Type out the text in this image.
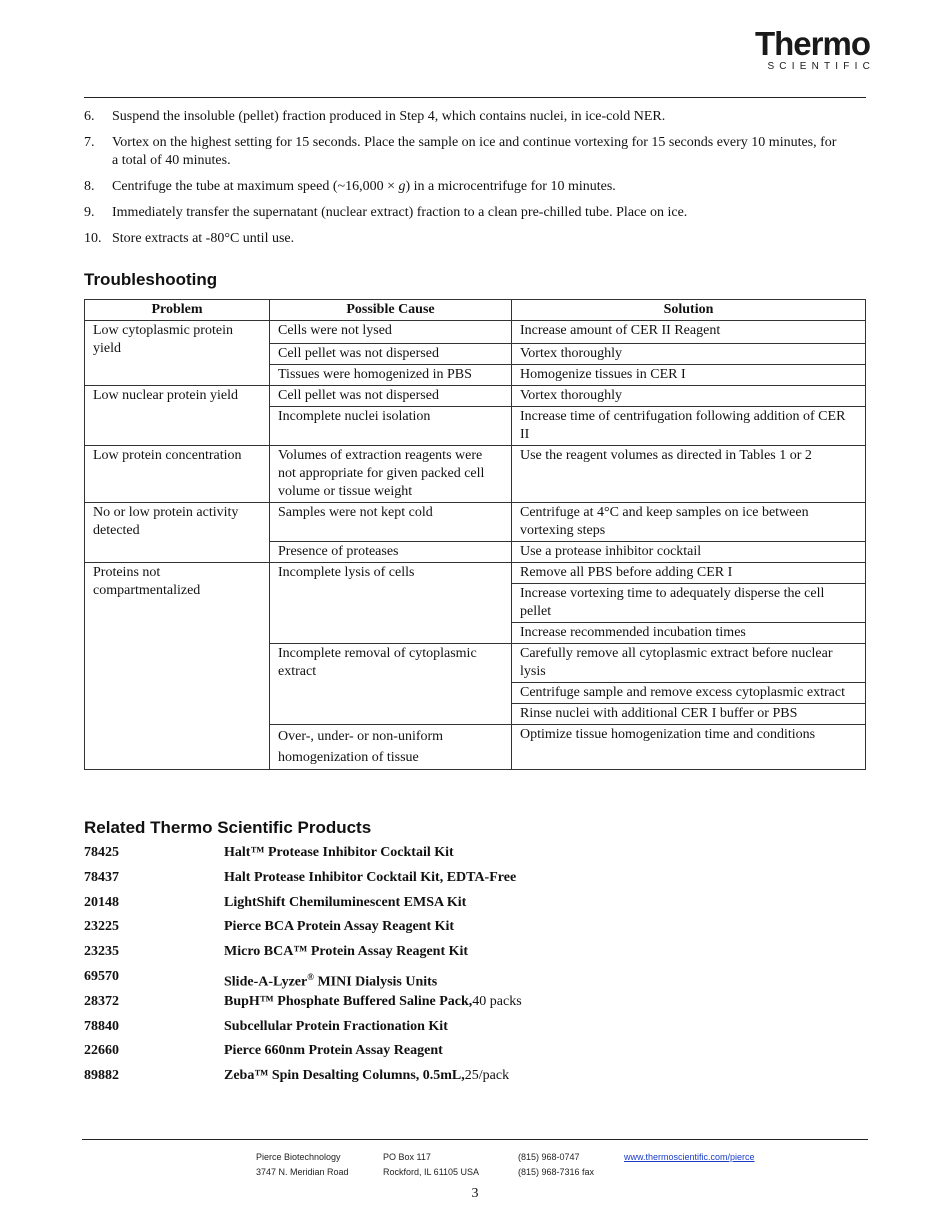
Thermo
SCIENTIFIC
6. Suspend the insoluble (pellet) fraction produced in Step 4, which contains nuclei, in ice-cold NER.
7. Vortex on the highest setting for 15 seconds. Place the sample on ice and continue vortexing for 15 seconds every 10 minutes, for a total of 40 minutes.
8. Centrifuge the tube at maximum speed (~16,000 × g) in a microcentrifuge for 10 minutes.
9. Immediately transfer the supernatant (nuclear extract) fraction to a clean pre-chilled tube. Place on ice.
10. Store extracts at -80°C until use.
Troubleshooting
Problem	Possible Cause	Solution
Low cytoplasmic protein yield	Cells were not lysed	Increase amount of CER II Reagent
	Cell pellet was not dispersed	Vortex thoroughly
	Tissues were homogenized in PBS	Homogenize tissues in CER I
Low nuclear protein yield	Cell pellet was not dispersed	Vortex thoroughly
	Incomplete nuclei isolation	Increase time of centrifugation following addition of CER II
Low protein concentration	Volumes of extraction reagents were not appropriate for given packed cell volume or tissue weight	Use the reagent volumes as directed in Tables 1 or 2
No or low protein activity detected	Samples were not kept cold	Centrifuge at 4°C and keep samples on ice between vortexing steps
	Presence of proteases	Use a protease inhibitor cocktail
Proteins not compartmentalized	Incomplete lysis of cells	Remove all PBS before adding CER I
		Increase vortexing time to adequately disperse the cell pellet
		Increase recommended incubation times
	Incomplete removal of cytoplasmic extract	Carefully remove all cytoplasmic extract before nuclear lysis
		Centrifuge sample and remove excess cytoplasmic extract
		Rinse nuclei with additional CER I buffer or PBS
	Over-, under- or non-uniform homogenization of tissue	Optimize tissue homogenization time and conditions
Related Thermo Scientific Products
78425	Halt™ Protease Inhibitor Cocktail Kit
78437	Halt Protease Inhibitor Cocktail Kit, EDTA-Free
20148	LightShift Chemiluminescent EMSA Kit
23225	Pierce BCA Protein Assay Reagent Kit
23235	Micro BCA™ Protein Assay Reagent Kit
69570	Slide-A-Lyzer® MINI Dialysis Units
28372	BupH™ Phosphate Buffered Saline Pack, 40 packs
78840	Subcellular Protein Fractionation Kit
22660	Pierce 660nm Protein Assay Reagent
89882	Zeba™ Spin Desalting Columns, 0.5mL, 25/pack
Pierce Biotechnology
3747 N. Meridian Road
PO Box 117
Rockford, IL 61105 USA
(815) 968-0747
(815) 968-7316 fax
www.thermoscientific.com/pierce
3
